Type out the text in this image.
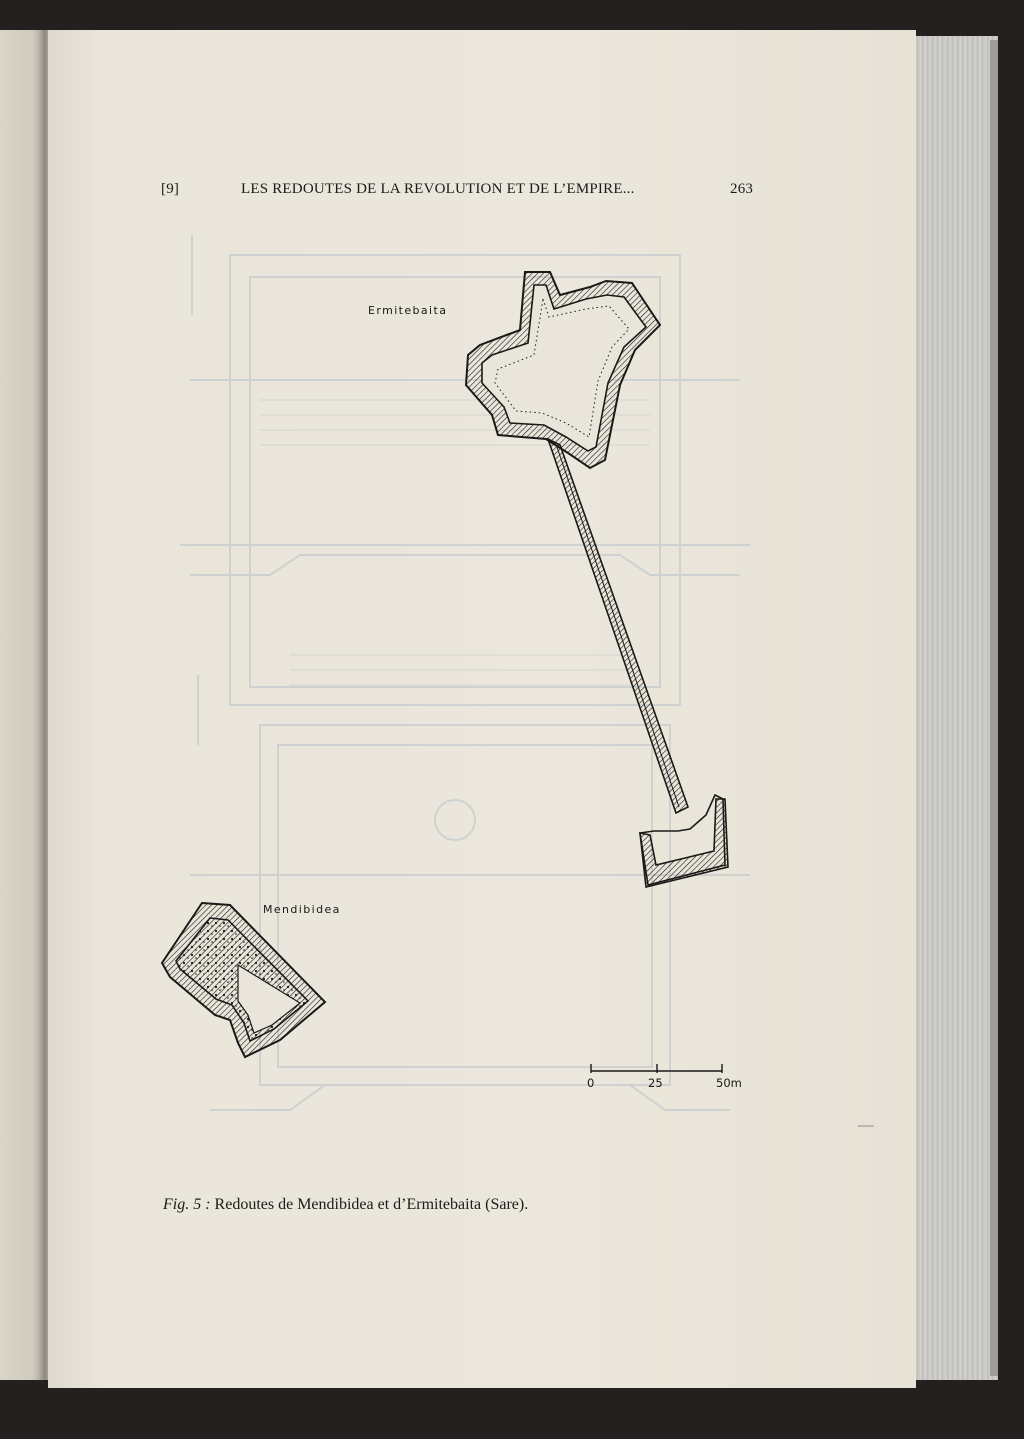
[9]	LES REDOUTES DE LA REVOLUTION ET DE L’EMPIRE...	263
Ermitebaita
Mendibidea
0	25	50m
Fig. 5 : Redoutes de Mendibidea et d’Ermitebaita (Sare).
